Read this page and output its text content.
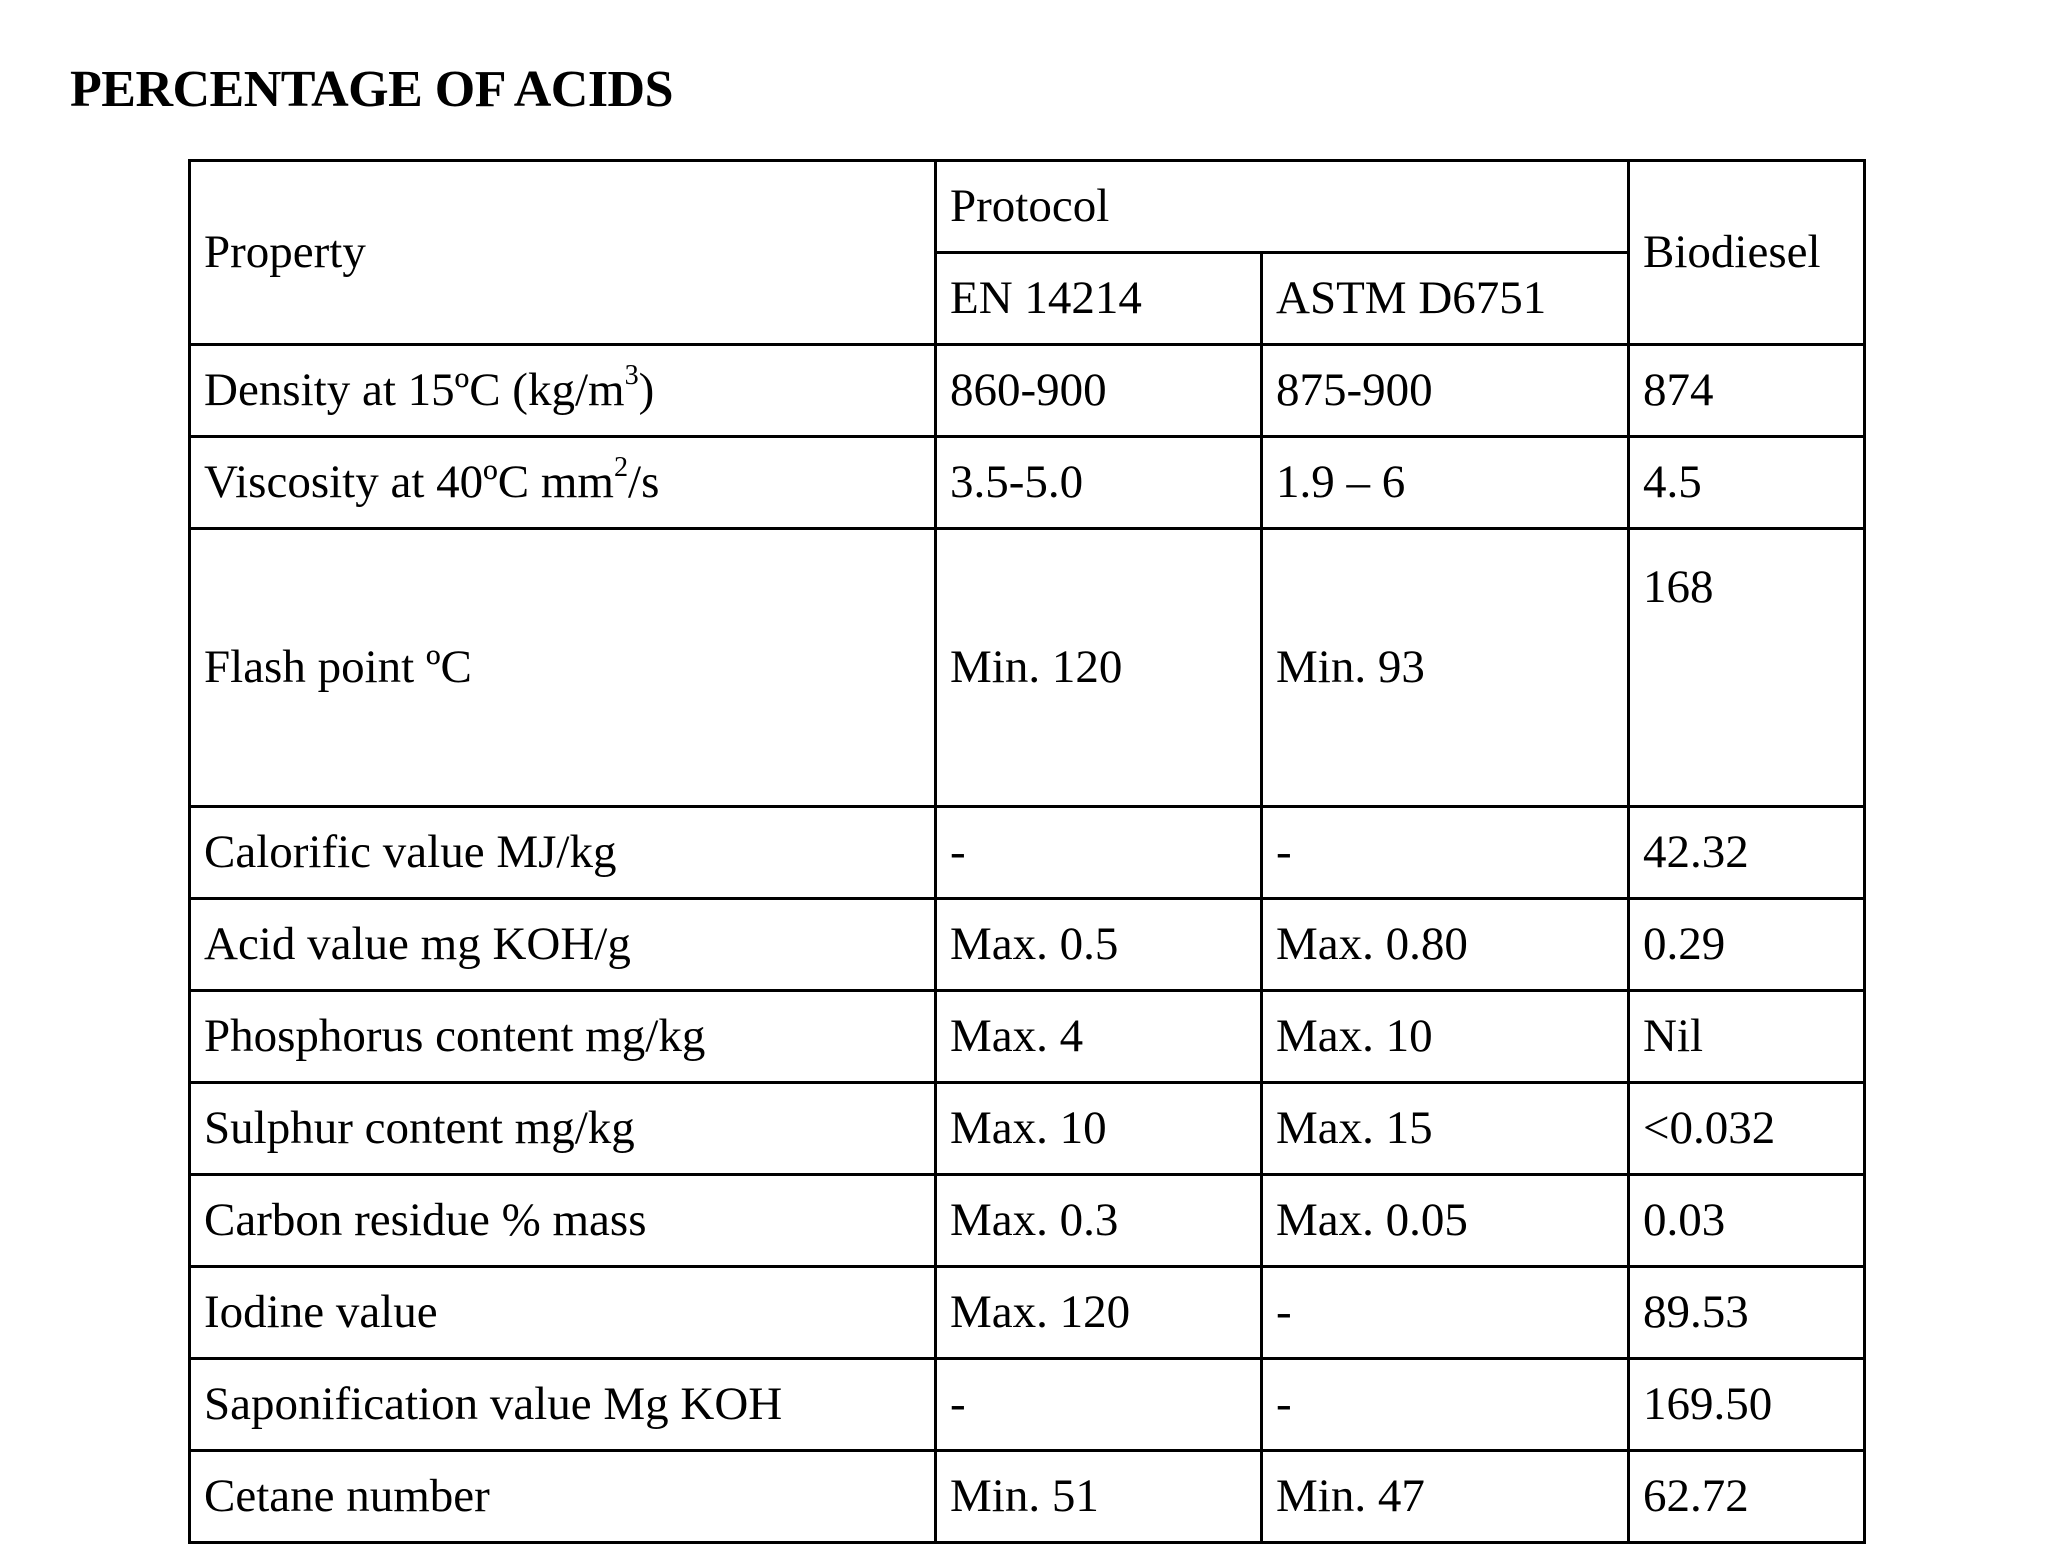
PERCENTAGE OF ACIDS
Property	Protocol		Biodiesel
	EN 14214	ASTM D6751	
Density at 15ºC $(kg/m^3)$	860-900	875-900	874
Viscosity at 40ºC $mm^2/s$	3.5-5.0	1.9 – 6	4.5
Flash point ºC	Min. 120	Min. 93	168
Calorific value MJ/kg	-	-	42.32
Acid value mg KOH/g	Max. 0.5	Max. 0.80	0.29
Phosphorus content mg/kg	Max. 4	Max. 10	Nil
Sulphur content mg/kg	Max. 10	Max. 15	<0.032
Carbon residue % mass	Max. 0.3	Max. 0.05	0.03
Iodine value	Max. 120	-	89.53
Saponification value Mg KOH	-	-	169.50
Cetane number	Min. 51	Min. 47	62.72
